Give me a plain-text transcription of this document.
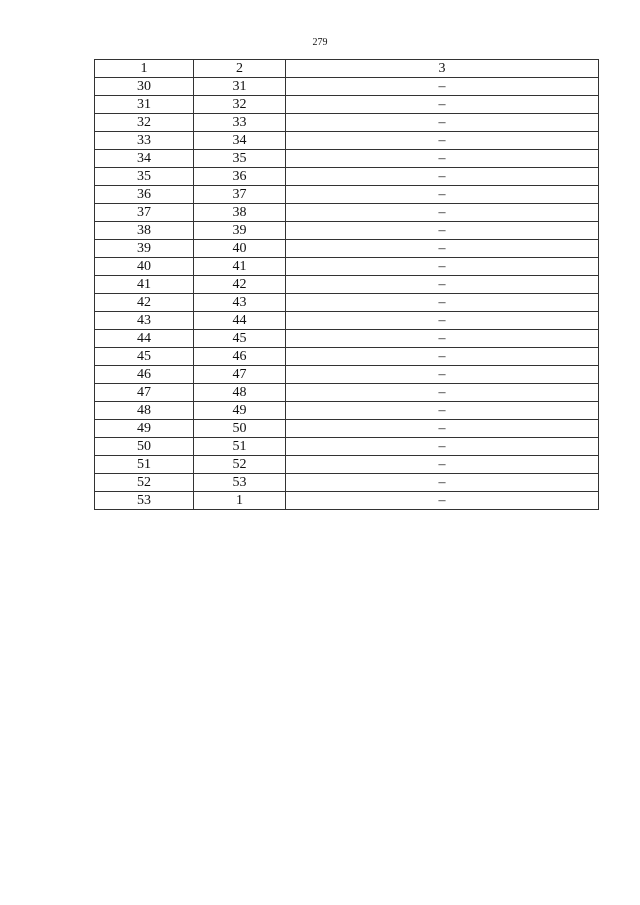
279
1	2	3
30	31	–
31	32	–
32	33	–
33	34	–
34	35	–
35	36	–
36	37	–
37	38	–
38	39	–
39	40	–
40	41	–
41	42	–
42	43	–
43	44	–
44	45	–
45	46	–
46	47	–
47	48	–
48	49	–
49	50	–
50	51	–
51	52	–
52	53	–
53	1	–
